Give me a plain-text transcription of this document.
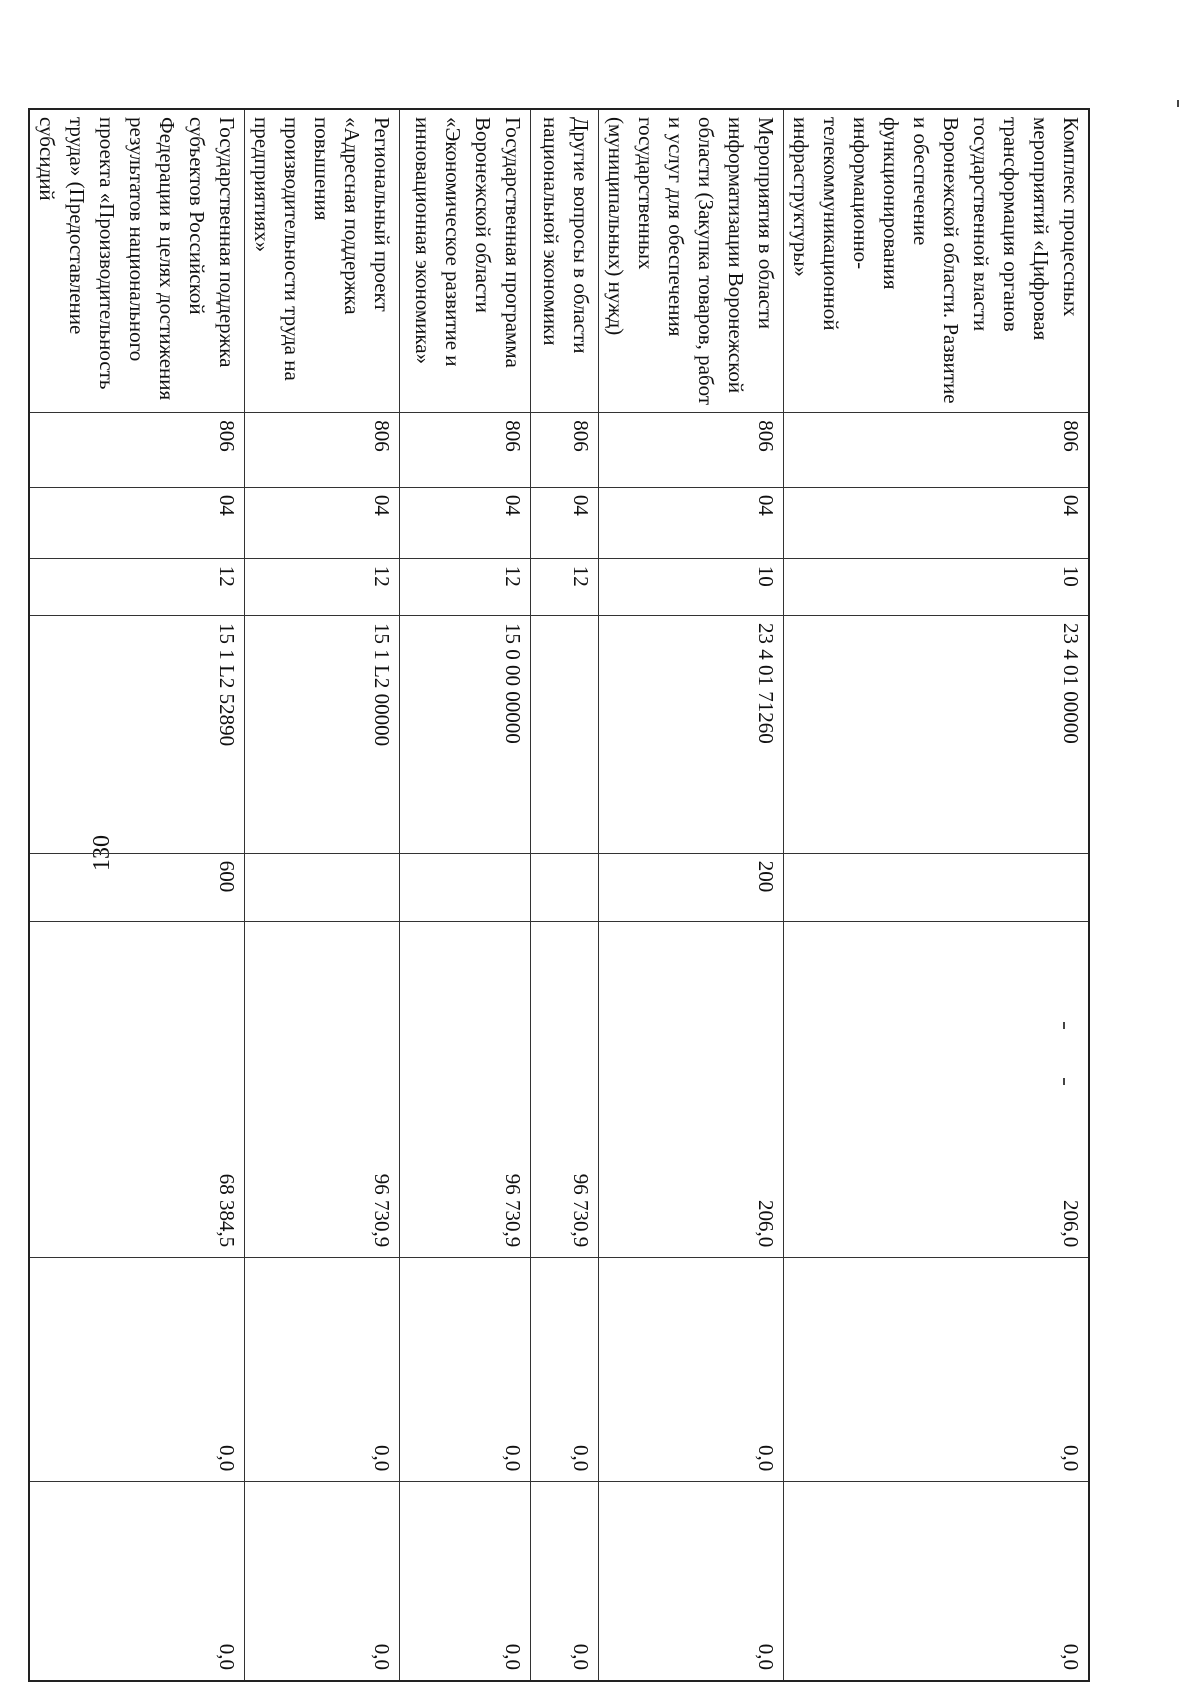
130
Комплекс процессных мероприятий «Цифровая трансформация органов государственной власти Воронежской области. Развитие и обеспечение функционирования информационно-телекоммуникационной инфраструктуры»	806	04	10	23 4 01 00000		206,0	0,0	0,0
Мероприятия в области информатизации Воронежской области (Закупка товаров, работ и услуг для обеспечения государственных (муниципальных) нужд)	806	04	10	23 4 01 71260	200	206,0	0,0	0,0
Другие вопросы в области национальной экономики	806	04	12			96 730,9	0,0	0,0
Государственная программа Воронежской области «Экономическое развитие и инновационная экономика»	806	04	12	15 0 00 00000		96 730,9	0,0	0,0
Региональный проект «Адресная поддержка повышения производительности труда на предприятиях»	806	04	12	15 1 L2 00000		96 730,9	0,0	0,0
Государственная поддержка субъектов Российской Федерации в целях достижения результатов национального проекта «Производительность труда» (Предоставление субсидий	806	04	12	15 1 L2 52890	600	68 384,5	0,0	0,0
